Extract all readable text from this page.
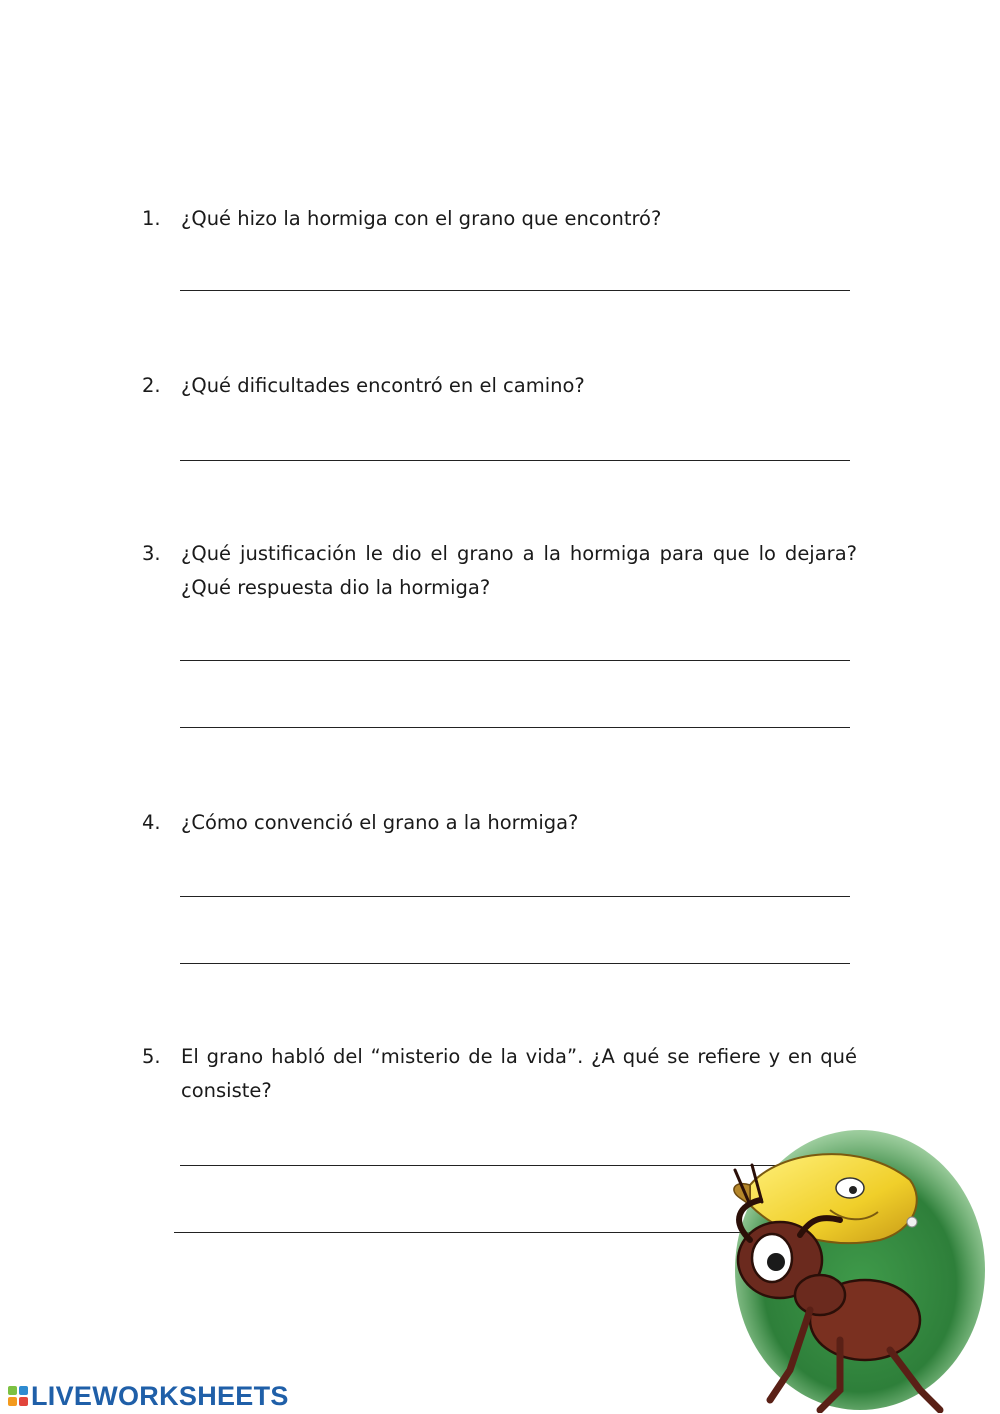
1. ¿Qué hizo la hormiga con el grano que encontró?
2. ¿Qué dificultades encontró en el camino?
3. ¿Qué justificación le dio el grano a la hormiga para que lo dejara? ¿Qué respuesta dio la hormiga?
4. ¿Cómo convenció el grano a la hormiga?
5. El grano habló del “misterio de la vida”. ¿A qué se refiere y en qué consiste?
LIVEWORKSHEETS
